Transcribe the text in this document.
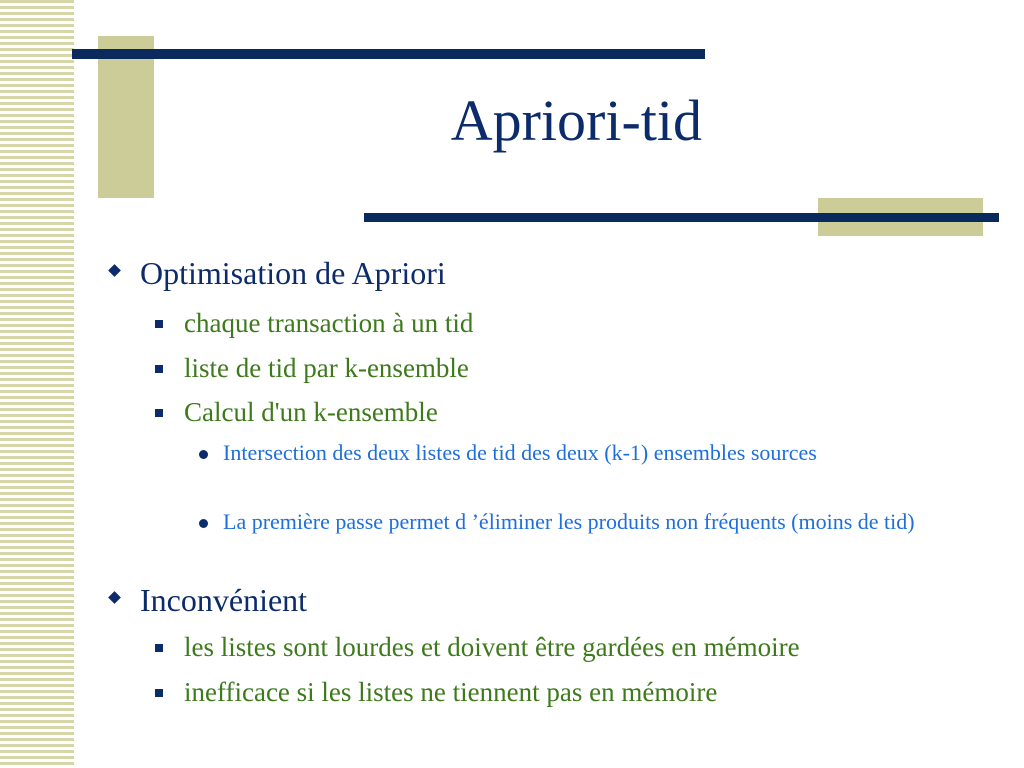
Apriori-tid
Optimisation de Apriori
chaque transaction à un tid
liste de tid par k-ensemble
Calcul d'un k-ensemble
Intersection des deux listes de tid des deux (k-1) ensembles sources
La première passe permet d ’éliminer les produits non fréquents (moins de tid)
Inconvénient
les listes sont lourdes et doivent être gardées en mémoire
inefficace si les listes ne tiennent pas en mémoire
